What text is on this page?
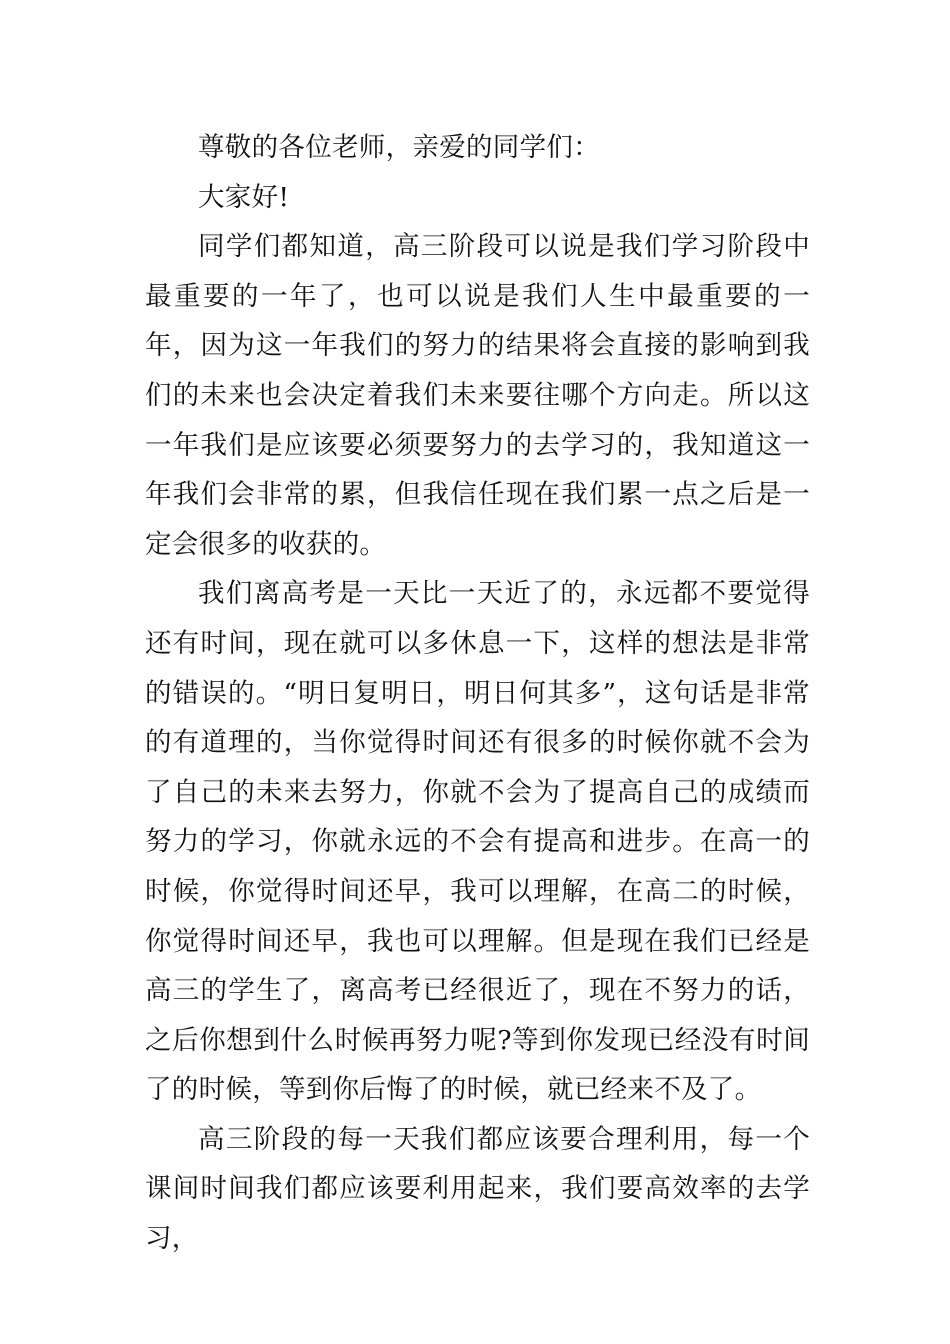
尊敬的各位老师，亲爱的同学们：

大家好!

同学们都知道，高三阶段可以说是我们学习阶段中最重要的一年了，也可以说是我们人生中最重要的一年，因为这一年我们的努力的结果将会直接的影响到我们的未来也会决定着我们未来要往哪个方向走。所以这一年我们是应该要必须要努力的去学习的，我知道这一年我们会非常的累，但我信任现在我们累一点之后是一定会很多的收获的。

我们离高考是一天比一天近了的，永远都不要觉得还有时间，现在就可以多休息一下，这样的想法是非常的错误的。“明日复明日，明日何其多”，这句话是非常的有道理的，当你觉得时间还有很多的时候你就不会为了自己的未来去努力，你就不会为了提高自己的成绩而努力的学习，你就永远的不会有提高和进步。在高一的时候，你觉得时间还早，我可以理解，在高二的时候，你觉得时间还早，我也可以理解。但是现在我们已经是高三的学生了，离高考已经很近了，现在不努力的话，之后你想到什么时候再努力呢?等到你发现已经没有时间了的时候，等到你后悔了的时候，就已经来不及了。

高三阶段的每一天我们都应该要合理利用，每一个课间时间我们都应该要利用起来，我们要高效率的去学习，
